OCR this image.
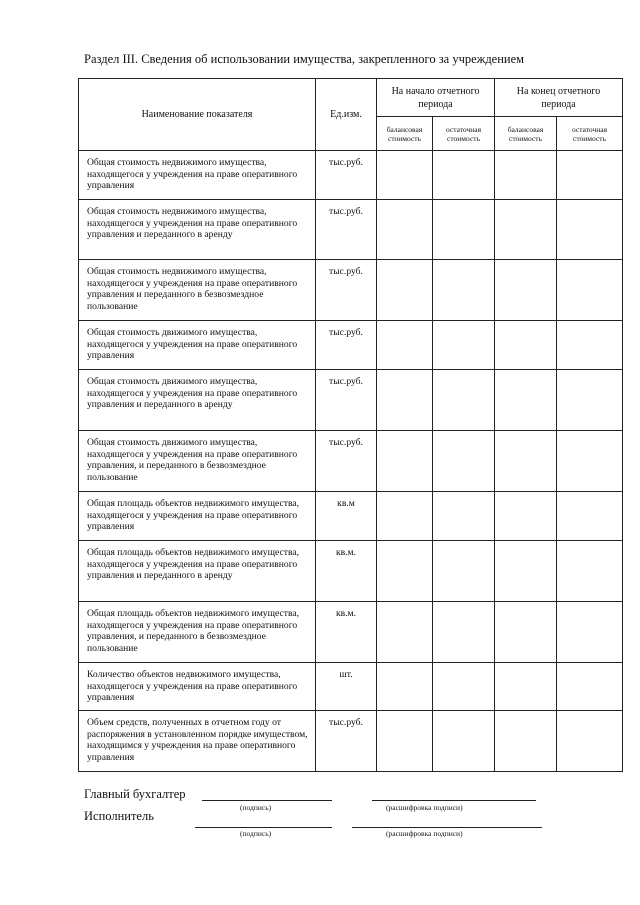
Раздел III. Сведения об использовании имущества, закрепленного за учреждением
Наименование показателя	Ед.изм.	На начало отчетного периода		На конец отчетного периода	
		балансовая стоимость	остаточная стоимость	балансовая стоимость	остаточная стоимость
Общая стоимость недвижимого имущества, находящегося у учреждения на праве оперативного управления	тыс.руб.				
Общая стоимость недвижимого имущества, находящегося у учреждения на праве оперативного управления и переданного в аренду	тыс.руб.				
Общая стоимость недвижимого имущества, находящегося у учреждения на праве оперативного управления и переданного в безвозмездное пользование	тыс.руб.				
Общая стоимость движимого имущества, находящегося у учреждения на праве оперативного управления	тыс.руб.				
Общая стоимость движимого имущества, находящегося у учреждения на праве оперативного управления и переданного в аренду	тыс.руб.				
Общая стоимость движимого имущества, находящегося у учреждения на праве оперативного управления, и переданного в безвозмездное пользование	тыс.руб.				
Общая площадь объектов недвижимого имущества, находящегося у учреждения на праве оперативного управления	кв.м				
Общая площадь объектов недвижимого имущества, находящегося у учреждения на праве оперативного управления и переданного в аренду	кв.м.				
Общая площадь объектов недвижимого имущества, находящегося у учреждения на праве оперативного управления, и переданного в безвозмездное пользование	кв.м.				
Количество объектов недвижимого имущества, находящегося у учреждения на праве оперативного управления	шт.				
Объем средств, полученных в отчетном году от распоряжения в установленном порядке имуществом, находящимся у учреждения на праве оперативного управления	тыс.руб.				
Главный бухгалтер
(подпись)	(расшифровка подписи)
Исполнитель
(подпись)	(расшифровка подписи)
